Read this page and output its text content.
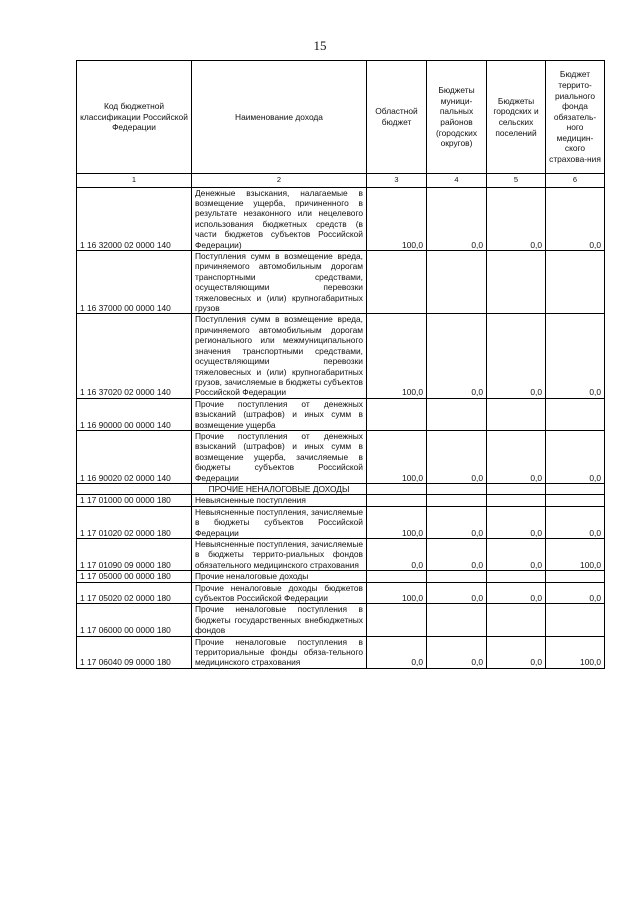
15
Код бюджетной классификации Российской Федерации	Наименование дохода	Областной бюджет	Бюджеты муници-пальных районов (городских округов)	Бюджеты городских и сельских поселений	Бюджет террито-риального фонда обязатель-ного медицин-ского страхова-ния
1	2	3	4	5	6
1 16 32000 02 0000 140	Денежные взыскания, налагаемые в возмещение ущерба, причиненного в результате незаконного или нецелевого использования бюджетных средств (в части бюджетов субъектов Российской Федерации)	100,0	0,0	0,0	0,0
1 16 37000 00 0000 140	Поступления сумм в возмещение вреда, причиняемого автомобильным дорогам транспортными средствами, осуществляющими перевозки тяжеловесных и (или) крупногабаритных грузов				
1 16 37020 02 0000 140	Поступления сумм в возмещение вреда, причиняемого автомобильным дорогам регионального или межмуниципального значения транспортными средствами, осуществляющими перевозки тяжеловесных и (или) крупногабаритных грузов, зачисляемые в бюджеты субъектов Российской Федерации	100,0	0,0	0,0	0,0
1 16 90000 00 0000 140	Прочие поступления от денежных взысканий (штрафов) и иных сумм в возмещение ущерба				
1 16 90020 02 0000 140	Прочие поступления от денежных взысканий (штрафов) и иных сумм в возмещение ущерба, зачисляемые в бюджеты субъектов Российской Федерации	100,0	0,0	0,0	0,0
	ПРОЧИЕ НЕНАЛОГОВЫЕ ДОХОДЫ				
1 17 01000 00 0000 180	Невыясненные поступления				
1 17 01020 02 0000 180	Невыясненные поступления, зачисляемые в бюджеты субъектов Российской Федерации	100,0	0,0	0,0	0,0
1 17 01090 09 0000 180	Невыясненные поступления, зачисляемые в бюджеты террито-риальных фондов обязательного медицинского страхования	0,0	0,0	0,0	100,0
1 17 05000 00 0000 180	Прочие неналоговые доходы				
1 17 05020 02 0000 180	Прочие неналоговые доходы бюджетов субъектов Российской Федерации	100,0	0,0	0,0	0,0
1 17 06000 00 0000 180	Прочие неналоговые поступления в бюджеты государственных внебюджетных фондов				
1 17 06040 09 0000 180	Прочие неналоговые поступления в территориальные фонды обяза-тельного медицинского страхования	0,0	0,0	0,0	100,0
